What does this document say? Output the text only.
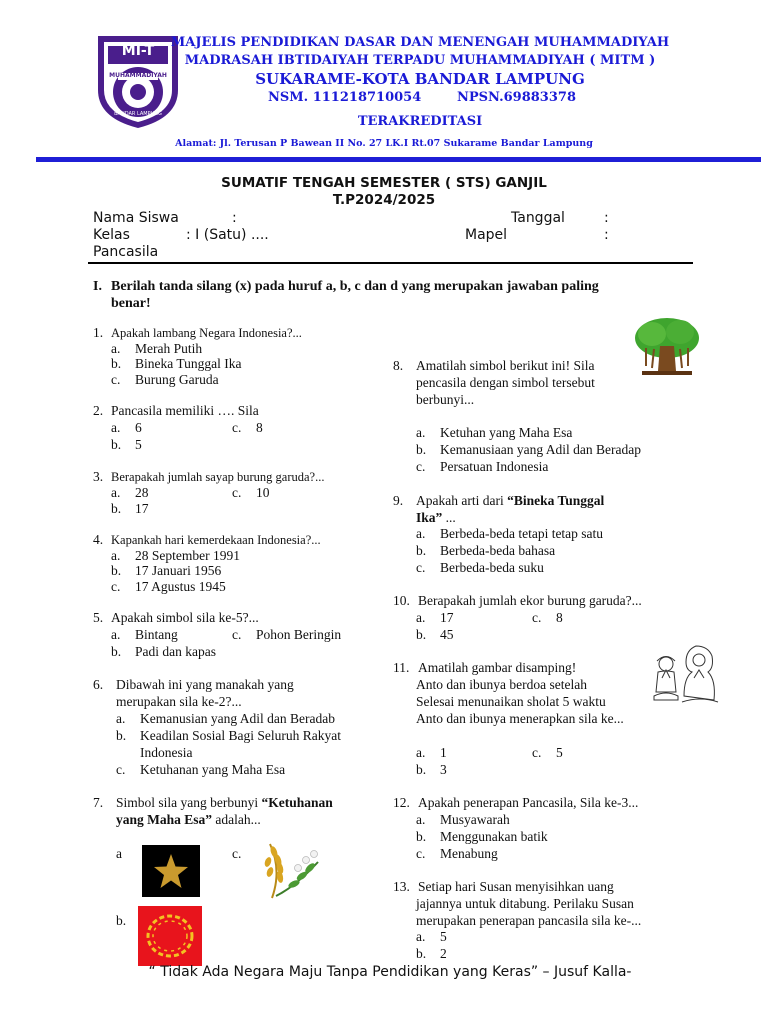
MI-T
MUHAMMADIYAH
BANDAR LAMPUNG
MAJELIS PENDIDIKAN DASAR DAN MENENGAH MUHAMMADIYAH
MADRASAH IBTIDAIYAH TERPADU MUHAMMADIYAH ( MITM )
SUKARAME-KOTA BANDAR LAMPUNG
NSM. 111218710054	NPSN.69883378
TERAKREDITASI
Alamat: Jl. Terusan P Bawean II No. 27 LK.I Rt.07 Sukarame Bandar Lampung
SUMATIF TENGAH SEMESTER ( STS) GANJIL
T.P2024/2025
Nama Siswa	:	Tanggal	:
Kelas	: I (Satu) ....	Mapel	:
Pancasila
I. Berilah tanda silang (x) pada huruf a, b, c dan d yang merupakan jawaban paling
benar!
1. Apakah lambang Negara Indonesia?...
a. Merah Putih
b. Bineka Tunggal Ika
c. Burung Garuda
2. Pancasila memiliki …. Sila
a. 6	c. 8
b. 5
3. Berapakah jumlah sayap burung garuda?...
a. 28	c. 10
b. 17
4. Kapankah hari kemerdekaan Indonesia?...
a. 28 September 1991
b. 17 Januari 1956
c. 17 Agustus 1945
5. Apakah simbol sila ke-5?...
a. Bintang	c. Pohon Beringin
b. Padi dan kapas
6. Dibawah ini yang manakah yang
merupakan sila ke-2?...
a. Kemanusian yang Adil dan Beradab
b. Keadilan Sosial Bagi Seluruh Rakyat
Indonesia
c. Ketuhanan yang Maha Esa
7. Simbol sila yang berbunyi “Ketuhanan
yang Maha Esa” adalah...
a	c.
b.
8. Amatilah simbol berikut ini! Sila
pencasila dengan simbol tersebut
berbunyi...
a. Ketuhan yang Maha Esa
b. Kemanusiaan yang Adil dan Beradap
c. Persatuan Indonesia
9. Apakah arti dari “Bineka Tunggal
Ika” ...
a. Berbeda-beda tetapi tetap satu
b. Berbeda-beda bahasa
c. Berbeda-beda suku
10. Berapakah jumlah ekor burung garuda?...
a. 17	c. 8
b. 45
11. Amatilah gambar disamping!
Anto dan ibunya berdoa setelah
Selesai menunaikan sholat 5 waktu
Anto dan ibunya menerapkan sila ke...
a. 1	c. 5
b. 3
12. Apakah penerapan Pancasila, Sila ke-3...
a. Musyawarah
b. Menggunakan batik
c. Menabung
13. Setiap hari Susan menyisihkan uang
jajannya untuk ditabung. Perilaku Susan
merupakan penerapan pancasila sila ke-...
a. 5
b. 2
“ Tidak Ada Negara Maju Tanpa Pendidikan yang Keras” – Jusuf Kalla-
